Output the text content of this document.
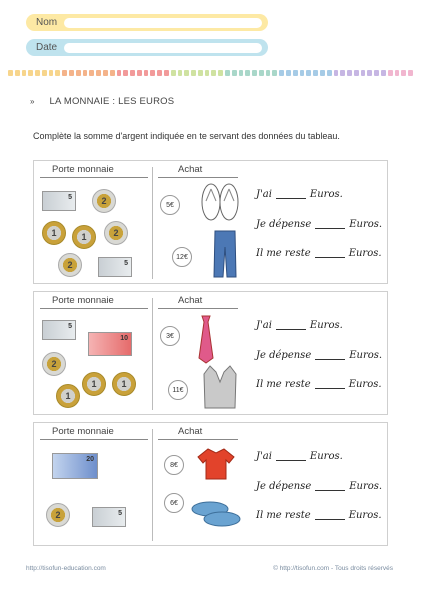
Nom
Date
» LA MONNAIE : LES EUROS
Complète la somme d'argent indiquée en te servant des données du tableau.
Porte monnaie	Achat
5	2
1	1	2
2	5
5€
12€
J'ai	Euros.
Je dépense	Euros.
Il me reste	Euros.
Porte monnaie	Achat
5
10
2
1	1
1
3€
11€
J'ai	Euros.
Je dépense	Euros.
Il me reste	Euros.
Porte monnaie	Achat
20
2	5
8€
6€
J'ai	Euros.
Je dépense	Euros.
Il me reste	Euros.
http://tisofun-education.com	© http://tisofun.com - Tous droits réservés
